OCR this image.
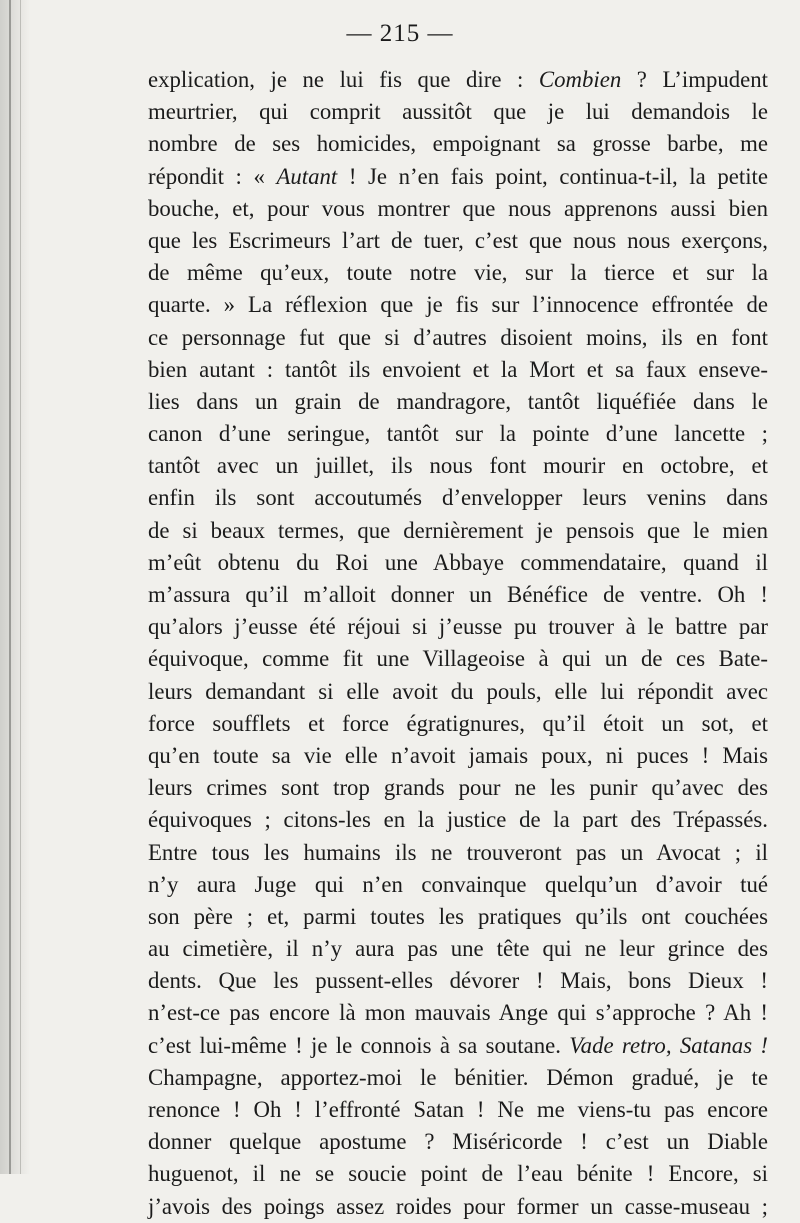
— 215 —
explication, je ne lui fis que dire : Combien ? L’impudent
meurtrier, qui comprit aussitôt que je lui demandois le
nombre de ses homicides, empoignant sa grosse barbe, me
répondit : « Autant ! Je n’en fais point, continua-t-il, la petite
bouche, et, pour vous montrer que nous apprenons aussi bien
que les Escrimeurs l’art de tuer, c’est que nous nous exerçons,
de même qu’eux, toute notre vie, sur la tierce et sur la
quarte. » La réflexion que je fis sur l’innocence effrontée de
ce personnage fut que si d’autres disoient moins, ils en font
bien autant : tantôt ils envoient et la Mort et sa faux enseve-
lies dans un grain de mandragore, tantôt liquéfiée dans le
canon d’une seringue, tantôt sur la pointe d’une lancette ;
tantôt avec un juillet, ils nous font mourir en octobre, et
enfin ils sont accoutumés d’envelopper leurs venins dans
de si beaux termes, que dernièrement je pensois que le mien
m’eût obtenu du Roi une Abbaye commendataire, quand il
m’assura qu’il m’alloit donner un Bénéfice de ventre. Oh !
qu’alors j’eusse été réjoui si j’eusse pu trouver à le battre par
équivoque, comme fit une Villageoise à qui un de ces Bate-
leurs demandant si elle avoit du pouls, elle lui répondit avec
force soufflets et force égratignures, qu’il étoit un sot, et
qu’en toute sa vie elle n’avoit jamais poux, ni puces ! Mais
leurs crimes sont trop grands pour ne les punir qu’avec des
équivoques ; citons-les en la justice de la part des Trépassés.
Entre tous les humains ils ne trouveront pas un Avocat ; il
n’y aura Juge qui n’en convainque quelqu’un d’avoir tué
son père ; et, parmi toutes les pratiques qu’ils ont couchées
au cimetière, il n’y aura pas une tête qui ne leur grince des
dents. Que les pussent-elles dévorer ! Mais, bons Dieux !
n’est-ce pas encore là mon mauvais Ange qui s’approche ? Ah !
c’est lui-même ! je le connois à sa soutane. Vade retro, Satanas !
Champagne, apportez-moi le bénitier. Démon gradué, je te
renonce ! Oh ! l’effronté Satan ! Ne me viens-tu pas encore
donner quelque apostume ? Miséricorde ! c’est un Diable
huguenot, il ne se soucie point de l’eau bénite ! Encore, si
j’avois des poings assez roides pour former un casse-museau ;
